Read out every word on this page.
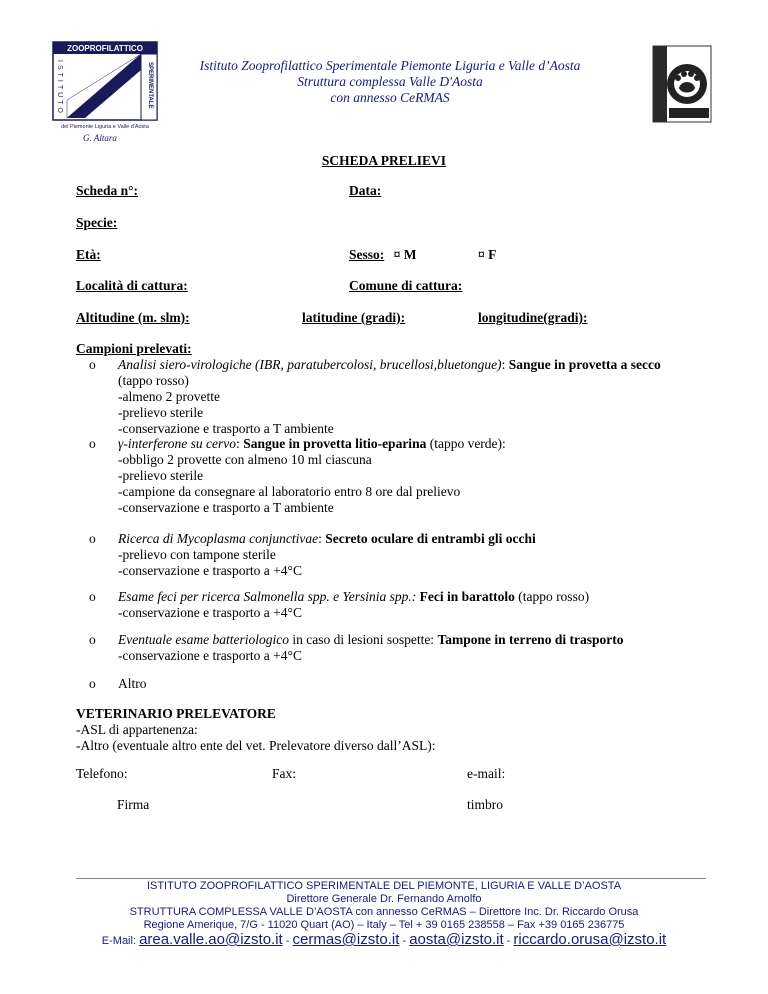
ZOOPROFILATTICO
SPERIMENTALE
ISTITUTO
del Piemonte Liguria e Valle d'Aosta
G. Altara
Istituto Zooprofilattico Sperimentale Piemonte Liguria e Valle d’Aosta
Struttura complessa Valle D'Aosta
con annesso CeRMAS
SCHEDA PRELIEVI
Scheda n°:	Data:
Specie:
Età:	Sesso: ¤ M	¤ F
Località di cattura:	Comune di cattura:
Altitudine (m. slm):	latitudine (gradi):	longitudine(gradi):
Campioni prelevati:
o Analisi siero-virologiche (IBR, paratubercolosi, brucellosi,bluetongue): Sangue in provetta a secco
(tappo rosso)
-almeno 2 provette
-prelievo sterile
-conservazione e trasporto a T ambiente
o γ-interferone su cervo: Sangue in provetta litio-eparina (tappo verde):
-obbligo 2 provette con almeno 10 ml ciascuna
-prelievo sterile
-campione da consegnare al laboratorio entro 8 ore dal prelievo
-conservazione e trasporto a T ambiente
o Ricerca di Mycoplasma conjunctivae: Secreto oculare di entrambi gli occhi
-prelievo con tampone sterile
-conservazione e trasporto a +4°C
o Esame feci per ricerca Salmonella spp. e Yersinia spp.: Feci in barattolo (tappo rosso)
-conservazione e trasporto a +4°C
o Eventuale esame batteriologico in caso di lesioni sospette: Tampone in terreno di trasporto
-conservazione e trasporto a +4°C
o Altro
VETERINARIO PRELEVATORE
-ASL di appartenenza:
-Altro (eventuale altro ente del vet. Prelevatore diverso dall’ASL):
Telefono:	Fax:	e-mail:
Firma	timbro
ISTITUTO ZOOPROFILATTICO SPERIMENTALE DEL PIEMONTE, LIGURIA E VALLE D’AOSTA
Direttore Generale Dr. Fernando Arnolfo
STRUTTURA COMPLESSA VALLE D’AOSTA con annesso CeRMAS – Direttore Inc. Dr. Riccardo Orusa
Regione Amerique, 7/G - 11020 Quart (AO) – Italy – Tel + 39 0165 238558 – Fax +39 0165 236775
E-Mail: area.valle.ao@izsto.it - cermas@izsto.it - aosta@izsto.it - riccardo.orusa@izsto.it
